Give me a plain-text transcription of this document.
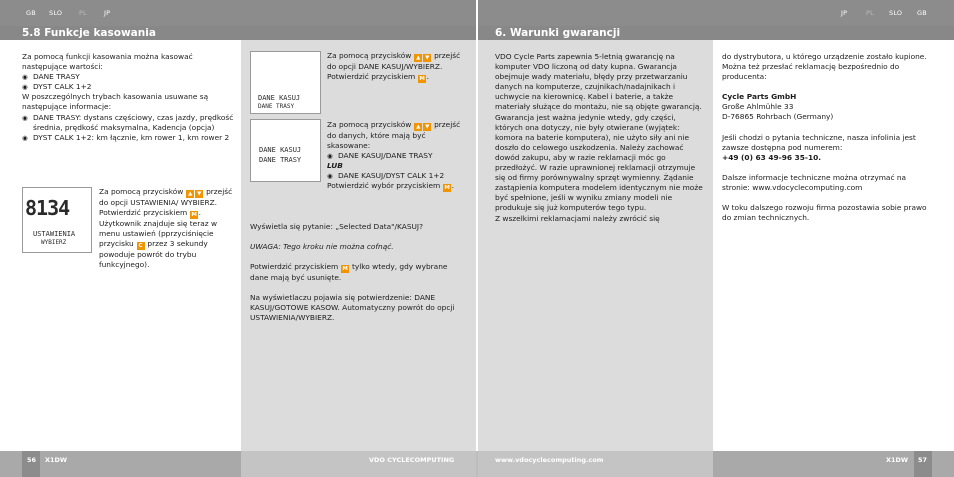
GB SLO	PL	JP	JP	PL SLO GB
5.8 Funkcje kasowania	6. Warunki gwarancji

Za pomocą funkcji kasowania można kasować następujące wartości:

◉ DANE TRASY

◉ DYST CALK 1+2

W poszczególnych trybach kasowania usuwane są następujące informacje:

◉ DANE TRASY: dystans częściowy, czas jazdy, prędkość średnia, prędkość maksymalna, Kadencja (opcja)

◉ DYST CALK 1+2: km łącznie, km rower 1, km rower 2

8134
USTAWIENIA
WYBIERZ

Za pomocą przycisków ▲ ▼ przejść do opcji USTAWIENIA/ WYBIERZ. Potwierdzić przyciskiem M . Użytkownik znajduje się teraz w menu ustawień (pprzyciśnięcie przycisku C przez 3 sekundy powoduje powrót do trybu funkcyjnego).

DANE KASUJ
DANE TRASY
DANE KASUJ
DANE TRASY

Za pomocą przycisków ▲ ▼ przejść do opcji DANE KASUJ/WYBIERZ. Potwierdzić przyciskiem M .

Za pomocą przycisków ▲ ▼ przejść do danych, które mają być skasowane:

◉ DANE KASUJ/DANE TRASY

LUB

◉ DANE KASUJ/DYST CALK 1+2

Potwierdzić wybór przyciskiem M .

Wyświetla się pytanie: „Selected Data"/KASUJ?

UWAGA: Tego kroku nie można cofnąć.

Potwierdzić przyciskiem M tylko wtedy, gdy wybrane dane mają być usunięte.

Na wyświetlaczu pojawia się potwierdzenie: DANE KASUJ/GOTOWE KASOW. Automatyczny powrót do opcji USTAWIENIA/WYBIERZ.

VDO Cycle Parts zapewnia 5-letnią gwarancję na komputer VDO liczoną od daty kupna. Gwarancja obejmuje wady materiału, błędy przy przetwarzaniu danych na komputerze, czujnikach/nadajnikach i uchwycie na kierownicę. Kabel i baterie, a także materiały służące do montażu, nie są objęte gwarancją. Gwarancja jest ważna jedynie wtedy, gdy części, których ona dotyczy, nie były otwierane (wyjątek: komora na baterie komputera), nie użyto siły ani nie doszło do celowego uszkodzenia. Należy zachować dowód zakupu, aby w razie reklamacji móc go przedłożyć. W razie uprawnionej reklamacji otrzymuje się od firmy porównywalny sprzęt wymienny. Żądanie zastąpienia komputera modelem identycznym nie może być spełnione, jeśli w wyniku zmiany modeli nie produkuje się już komputerów tego typu.

Z wszelkimi reklamacjami należy zwrócić się

do dystrybutora, u którego urządzenie zostało kupione. Można też przesłać reklamację bezpośrednio do producenta:

Cycle Parts GmbH

Große Ahlmühle 33

D-76865 Rohrbach (Germany)

Jeśli chodzi o pytania techniczne, nasza infolinia jest zawsze dostępna pod numerem:

+49 (0) 63 49-96 35-10.

Dalsze informacje techniczne można otrzymać na stronie: www.vdocyclecomputing.com

W toku dalszego rozwoju firma pozostawia sobie prawo do zmian technicznych.

56 X1DW	VDO CYCLECOMPUTING	www.vdocyclecomputing.com	X1DW 57
